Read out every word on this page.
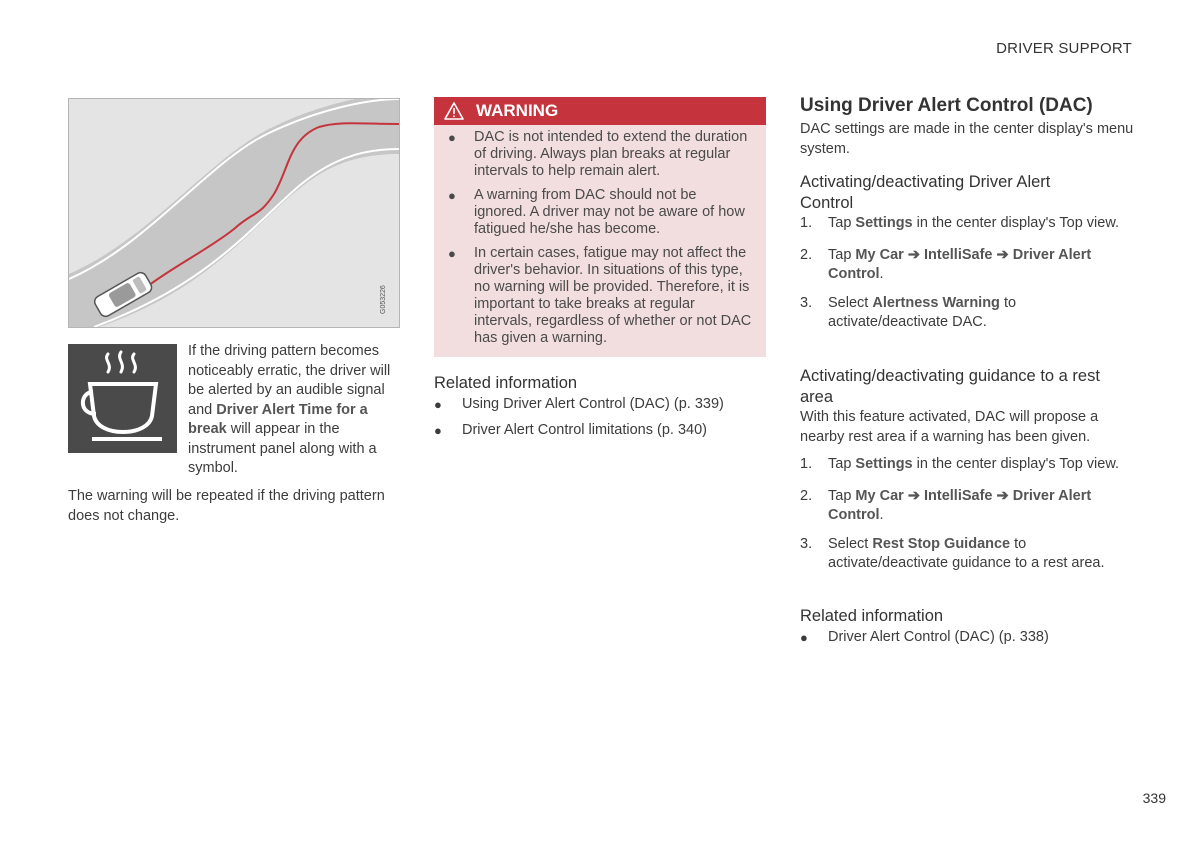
DRIVER SUPPORT
G053226
If the driving pattern becomes noticeably erratic, the driver will be alerted by an audible signal and Driver Alert Time for a break will appear in the instrument panel along with a symbol.
The warning will be repeated if the driving pattern does not change.
WARNING
● DAC is not intended to extend the duration of driving. Always plan breaks at regular intervals to help remain alert.
● A warning from DAC should not be ignored. A driver may not be aware of how fatigued he/she has become.
● In certain cases, fatigue may not affect the driver's behavior. In situations of this type, no warning will be provided. Therefore, it is important to take breaks at regular intervals, regardless of whether or not DAC has given a warning.
Related information
● Using Driver Alert Control (DAC) (p. 339)
● Driver Alert Control limitations (p. 340)
Using Driver Alert Control (DAC)
DAC settings are made in the center display's menu system.
Activating/deactivating Driver Alert Control
1. Tap Settings in the center display's Top view.
2. Tap My Car ➔ IntelliSafe ➔ Driver Alert Control.
3. Select Alertness Warning to activate/deactivate DAC.
Activating/deactivating guidance to a rest area
With this feature activated, DAC will propose a nearby rest area if a warning has been given.
1. Tap Settings in the center display's Top view.
2. Tap My Car ➔ IntelliSafe ➔ Driver Alert Control.
3. Select Rest Stop Guidance to activate/deactivate guidance to a rest area.
Related information
● Driver Alert Control (DAC) (p. 338)
339
